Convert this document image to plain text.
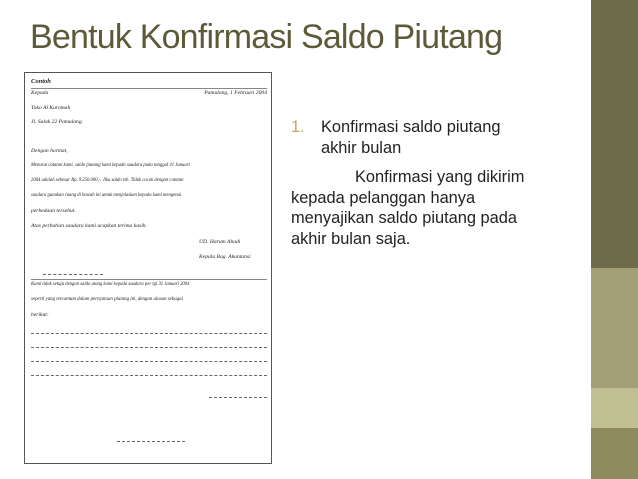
Bentuk Konfirmasi Saldo Piutang
Contoh
Kepada	Pamulang, 1 Februari 2004
Toko Al Karomah
Jl. Salak 22 Pamulang.
Dengan hormat,
Menurut catatan kami, saldo piutang kami kepada saudara pada tanggal 31 Januari
2004 adalah sebesar Rp. 9.250.000,-. Jika saldo tsb. Tidak cocok dengan catatan
saudara gunakan ruang di bawah ini untuk menjelaskan kepada kami mengenai
perbedaan tersebut.
Atas perhatian saudara kami ucapkan terima kasih.
UD. Harum Abadi
Kepala Bag. Akuntansi
Kami tidak setuju dengan saldo utang kami kepada saudara per tgl 31 Januari 2004
seperti yang tercantum dalam pernyataan piutang ini, dengan alasan sebagai
berikut:
1. Konfirmasi saldo piutang
akhir bulan
Konfirmasi yang dikirim
kepada pelanggan hanya
menyajikan saldo piutang pada
akhir bulan saja.
